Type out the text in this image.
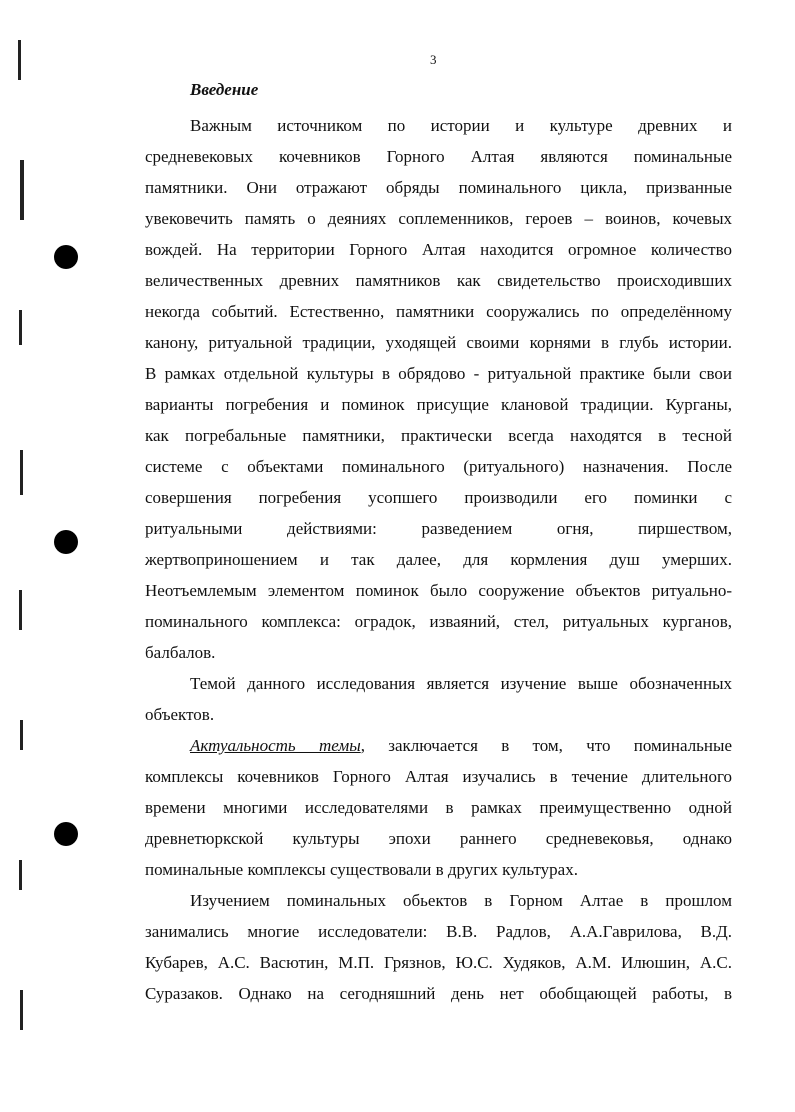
3
Введение
Важным источником по истории и культуре древних и
средневековых кочевников Горного Алтая являются поминальные
памятники. Они отражают обряды поминального цикла, призванные
увековечить память о деяниях соплеменников, героев – воинов, кочевых
вождей. На территории Горного Алтая находится огромное количество
величественных древних памятников как свидетельство происходивших
некогда событий. Естественно, памятники сооружались по определённому
канону, ритуальной традиции, уходящей своими корнями в глубь истории.
В рамках отдельной культуры в обрядово - ритуальной практике были свои
варианты погребения и поминок присущие клановой традиции. Курганы,
как погребальные памятники, практически всегда находятся в тесной
системе с объектами поминального (ритуального) назначения. После
совершения погребения усопшего производили его поминки с
ритуальными действиями: разведением огня, пиршеством,
жертвоприношением и так далее, для кормления душ умерших.
Неотъемлемым элементом поминок было сооружение объектов ритуально-
поминального комплекса: оградок, изваяний, стел, ритуальных курганов,
балбалов.
Темой данного исследования является изучение выше обозначенных
объектов.
Актуальность темы, заключается в том, что поминальные
комплексы кочевников Горного Алтая изучались в течение длительного
времени многими исследователями в рамках преимущественно одной
древнетюркской культуры эпохи раннего средневековья, однако
поминальные комплексы существовали в других культурах.
Изучением поминальных обьектов в Горном Алтае в прошлом
занимались многие исследователи: В.В. Радлов, А.А.Гаврилова, В.Д.
Кубарев, А.С. Васютин, М.П. Грязнов, Ю.С. Худяков, А.М. Илюшин, А.С.
Суразаков. Однако на сегодняшний день нет обобщающей работы, в
